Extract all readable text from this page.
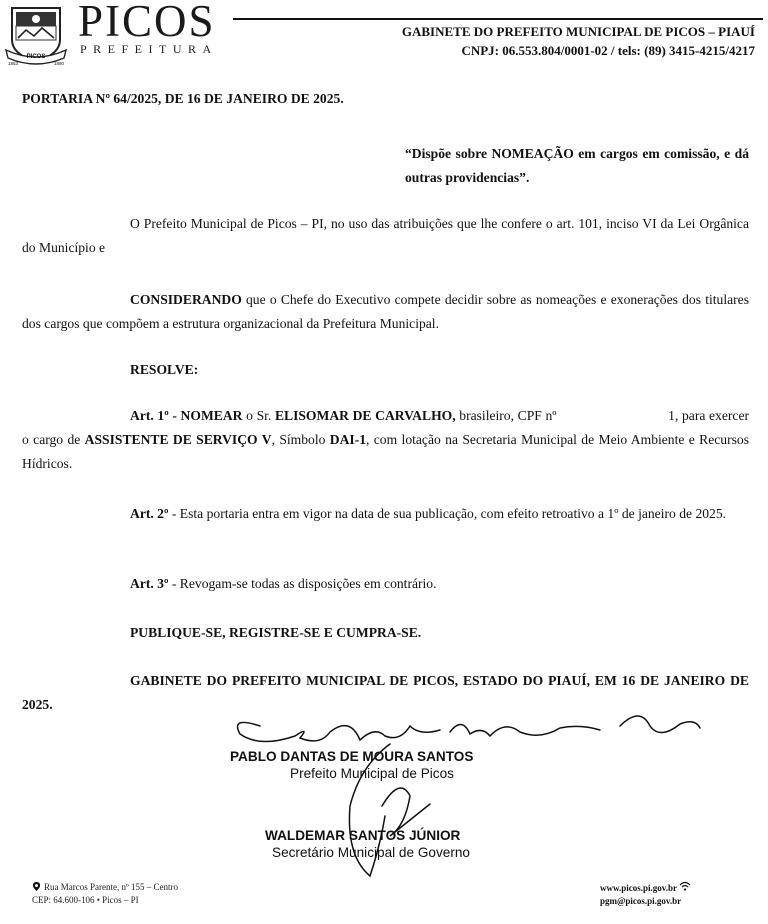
PICOS
1853	1890
PICOS
PREFEITURA
GABINETE DO PREFEITO MUNICIPAL DE PICOS – PIAUÍ
CNPJ: 06.553.804/0001-02 / tels: (89) 3415-4215/4217
PORTARIA Nº 64/2025, DE 16 DE JANEIRO DE 2025.
“Dispõe sobre NOMEAÇÃO em cargos em comissão, e dá outras providencias”.
O Prefeito Municipal de Picos – PI, no uso das atribuições que lhe confere o art. 101, inciso VI da Lei Orgânica do Município e
CONSIDERANDO que o Chefe do Executivo compete decidir sobre as nomeações e exonerações dos titulares dos cargos que compõem a estrutura organizacional da Prefeitura Municipal.
RESOLVE:
Art. 1º - NOMEAR o Sr. ELISOMAR DE CARVALHO, brasileiro, CPF nº	1, para exercer o cargo de ASSISTENTE DE SERVIÇO V, Símbolo DAI-1, com lotação na Secretaria Municipal de Meio Ambiente e Recursos Hídricos.
Art. 2º - Esta portaria entra em vigor na data de sua publicação, com efeito retroativo a 1º de janeiro de 2025.
Art. 3º - Revogam-se todas as disposições em contrário.
PUBLIQUE-SE, REGISTRE-SE E CUMPRA-SE.
GABINETE DO PREFEITO MUNICIPAL DE PICOS, ESTADO DO PIAUÍ, EM 16 DE JANEIRO DE 2025.
PABLO DANTAS DE MOURA SANTOS
Prefeito Municipal de Picos
WALDEMAR SANTOS JÚNIOR
Secretário Municipal de Governo
Rua Marcos Parente, nº 155 – Centro
CEP: 64.600-106 • Picos – PI
www.picos.pi.gov.br
pgm@picos.pi.gov.br
